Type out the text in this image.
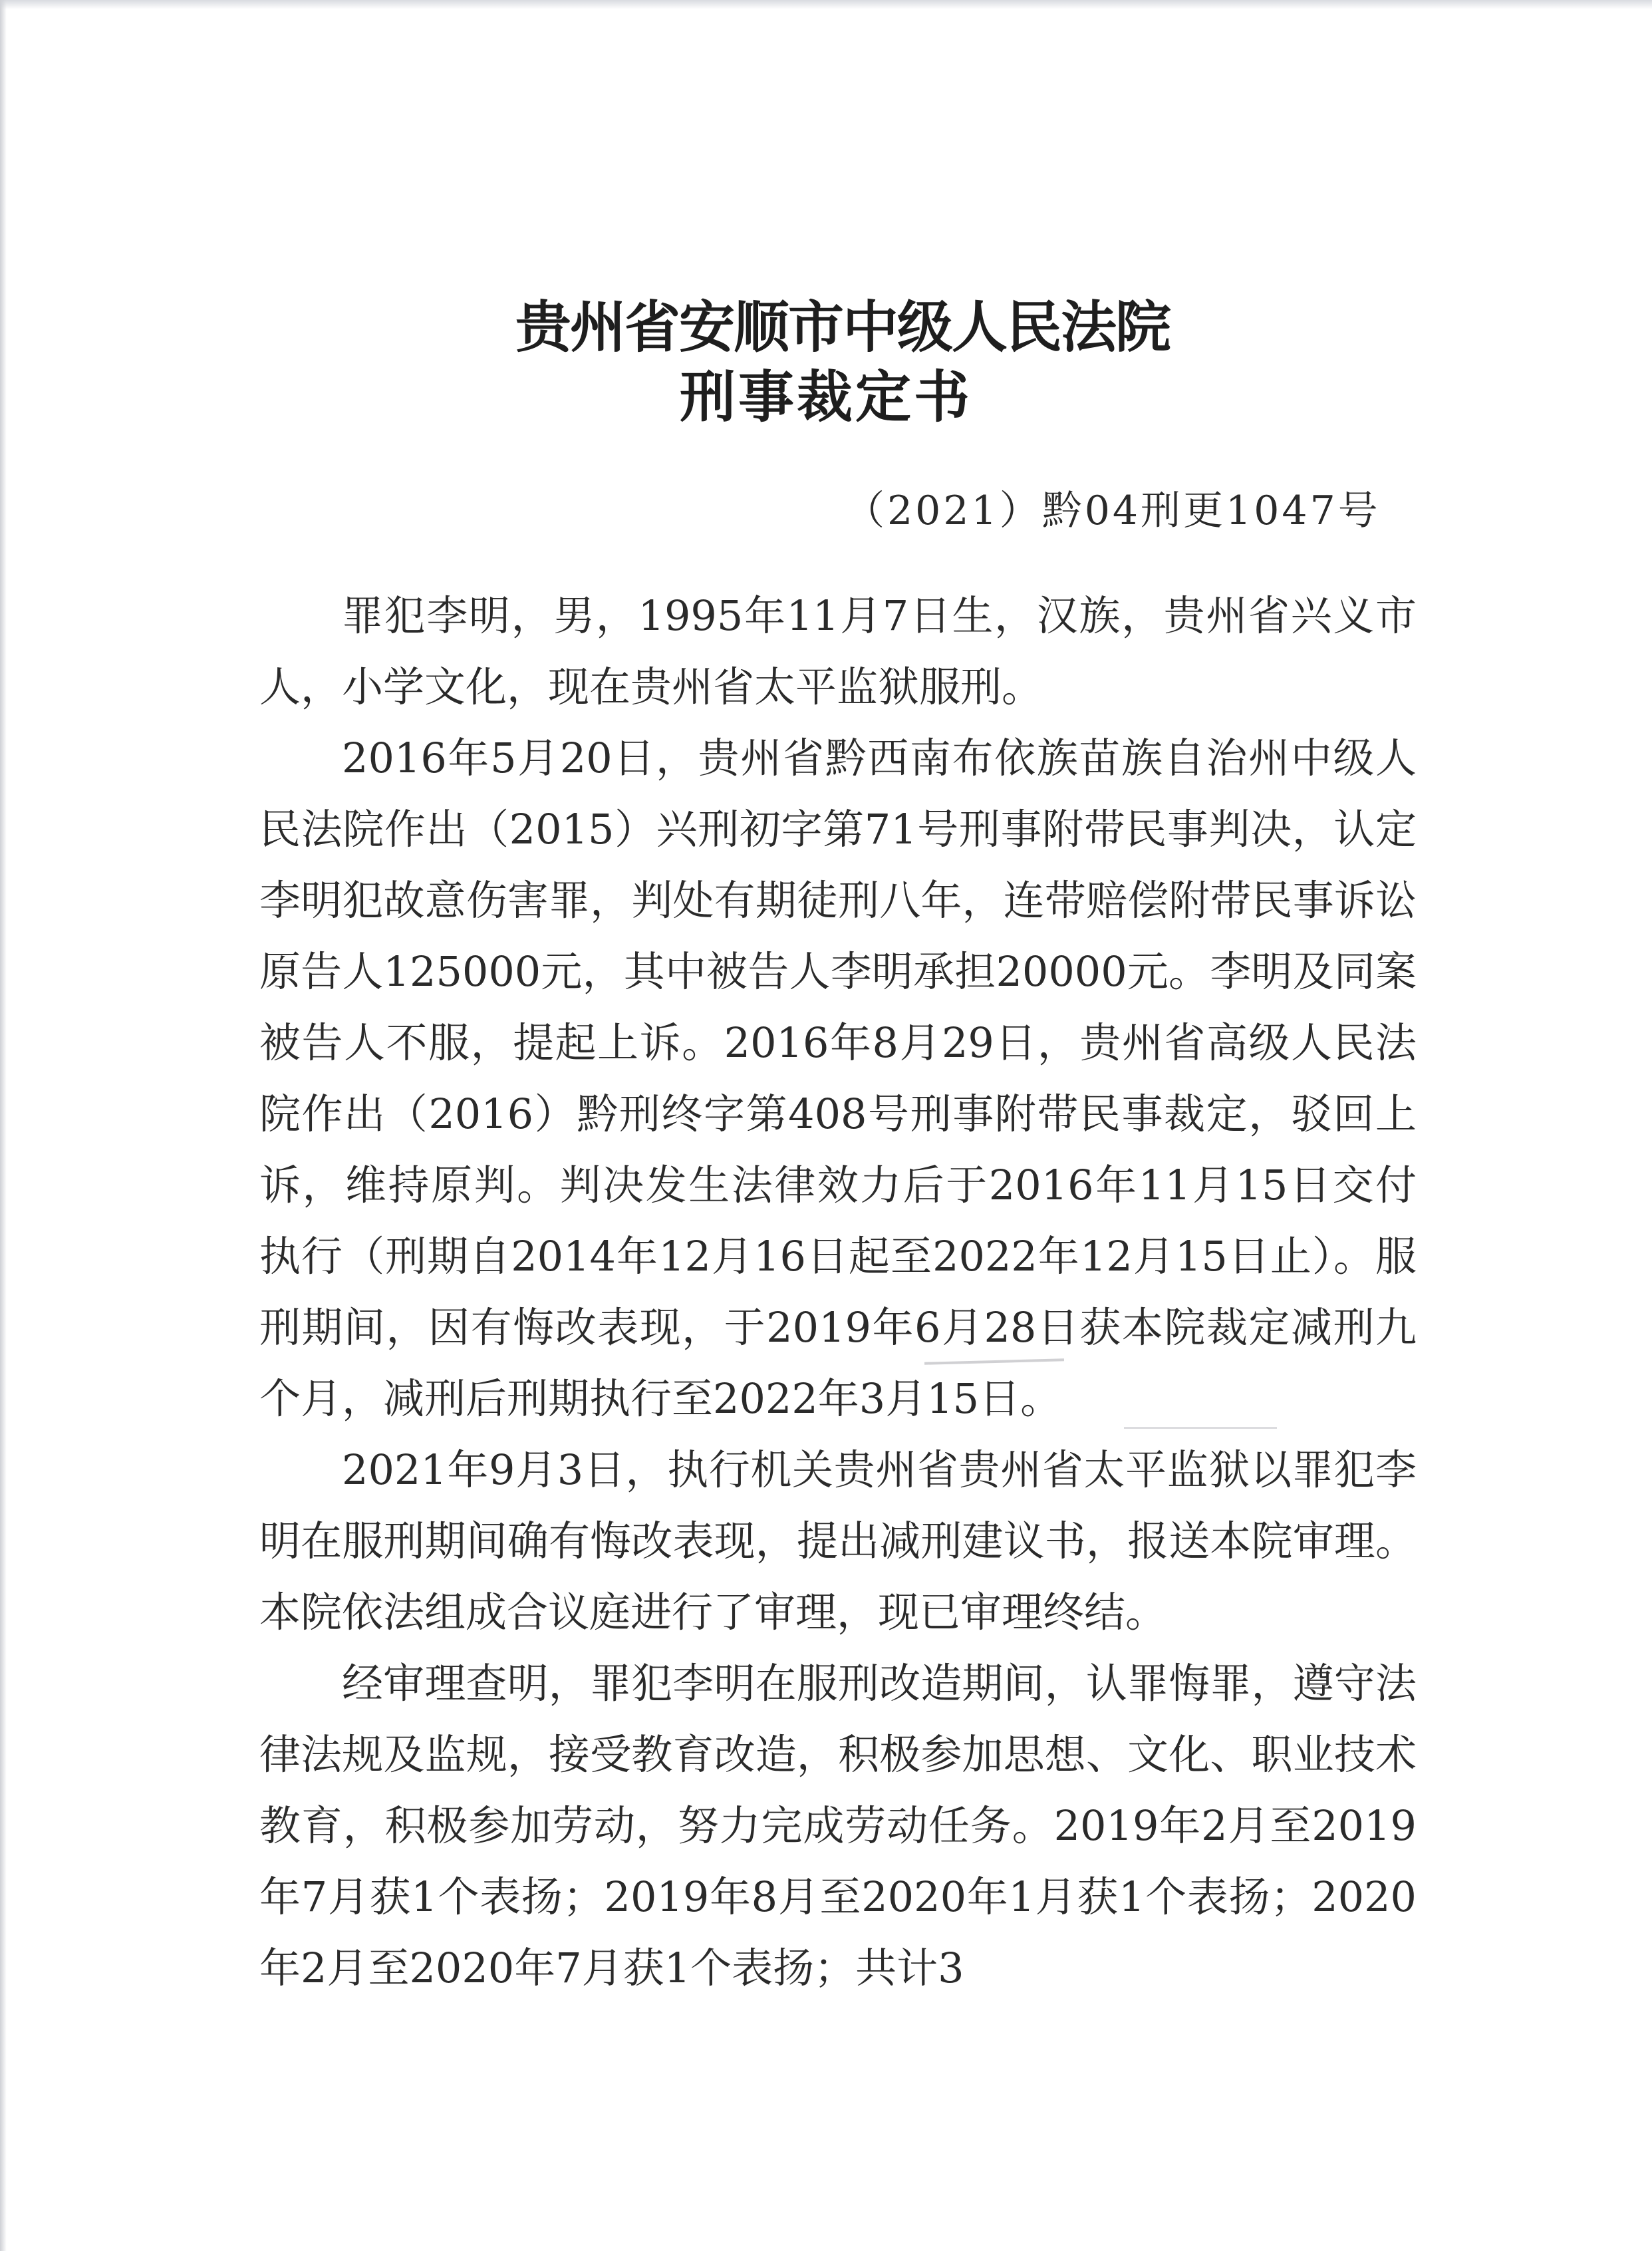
贵州省安顺市中级人民法院
刑事裁定书
（2021）黔04刑更1047号

罪犯李明，男，1995年11月7日生，汉族，贵州省兴义市人，小学文化，现在贵州省太平监狱服刑。

2016年5月20日，贵州省黔西南布依族苗族自治州中级人民法院作出（2015）兴刑初字第71号刑事附带民事判决，认定李明犯故意伤害罪，判处有期徒刑八年，连带赔偿附带民事诉讼原告人125000元，其中被告人李明承担20000元。李明及同案被告人不服，提起上诉。2016年8月29日，贵州省高级人民法院作出（2016）黔刑终字第408号刑事附带民事裁定，驳回上诉，维持原判。判决发生法律效力后于2016年11月15日交付执行（刑期自2014年12月16日起至2022年12月15日止）。服刑期间，因有悔改表现，于2019年6月28日获本院裁定减刑九个月，减刑后刑期执行至2022年3月15日。

2021年9月3日，执行机关贵州省贵州省太平监狱以罪犯李明在服刑期间确有悔改表现，提出减刑建议书，报送本院审理。本院依法组成合议庭进行了审理，现已审理终结。

经审理查明，罪犯李明在服刑改造期间，认罪悔罪，遵守法律法规及监规，接受教育改造，积极参加思想、文化、职业技术教育，积极参加劳动，努力完成劳动任务。2019年2月至2019年7月获1个表扬；2019年8月至2020年1月获1个表扬；2020年2月至2020年7月获1个表扬；共计3
